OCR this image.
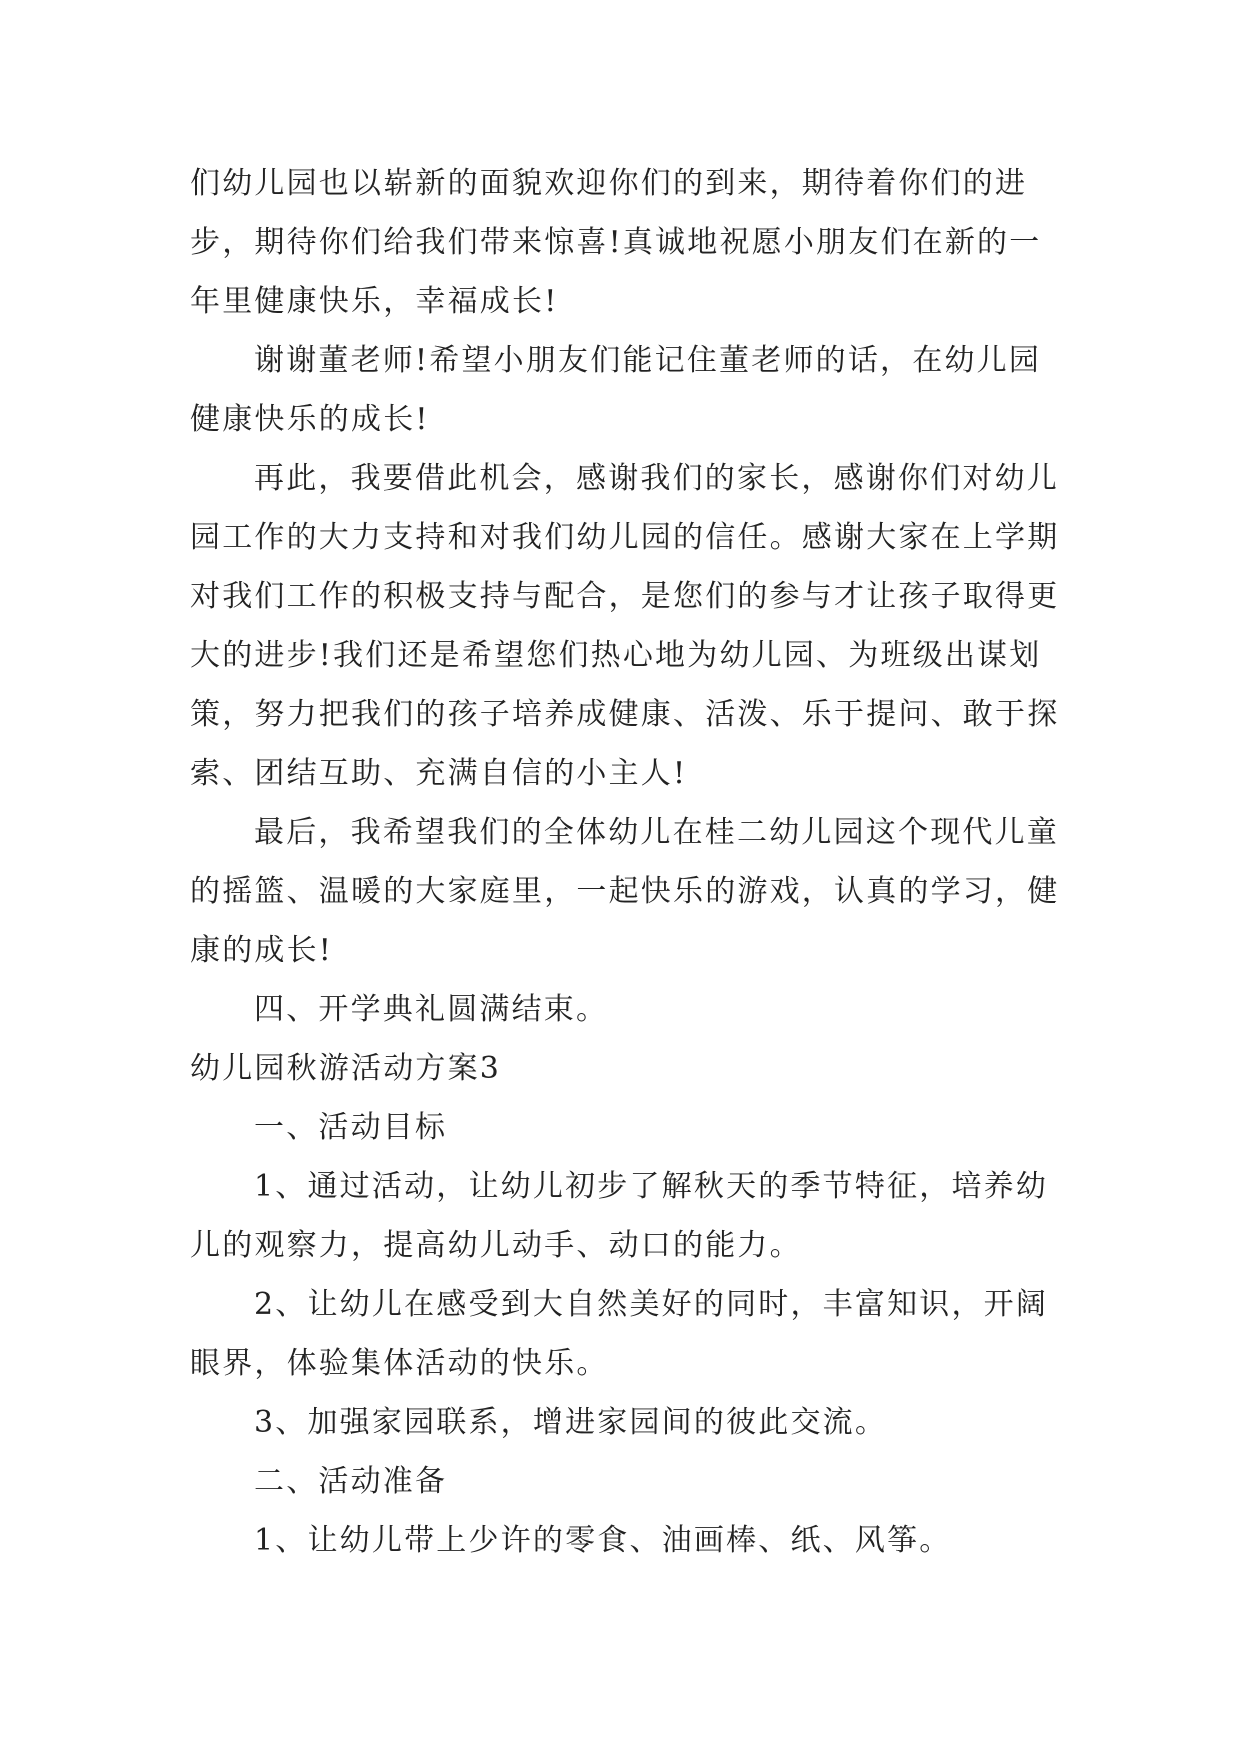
们幼儿园也以崭新的面貌欢迎你们的到来，期待着你们的进步，期待你们给我们带来惊喜!真诚地祝愿小朋友们在新的一年里健康快乐，幸福成长!

谢谢董老师!希望小朋友们能记住董老师的话，在幼儿园健康快乐的成长!

再此，我要借此机会，感谢我们的家长，感谢你们对幼儿园工作的大力支持和对我们幼儿园的信任。感谢大家在上学期对我们工作的积极支持与配合，是您们的参与才让孩子取得更大的进步!我们还是希望您们热心地为幼儿园、为班级出谋划策，努力把我们的孩子培养成健康、活泼、乐于提问、敢于探索、团结互助、充满自信的小主人!

最后，我希望我们的全体幼儿在桂二幼儿园这个现代儿童的摇篮、温暖的大家庭里，一起快乐的游戏，认真的学习，健康的成长!

四、开学典礼圆满结束。

幼儿园秋游活动方案3

一、活动目标

1、通过活动，让幼儿初步了解秋天的季节特征，培养幼儿的观察力，提高幼儿动手、动口的能力。

2、让幼儿在感受到大自然美好的同时，丰富知识，开阔眼界，体验集体活动的快乐。

3、加强家园联系，增进家园间的彼此交流。

二、活动准备

1、让幼儿带上少许的零食、油画棒、纸、风筝。
